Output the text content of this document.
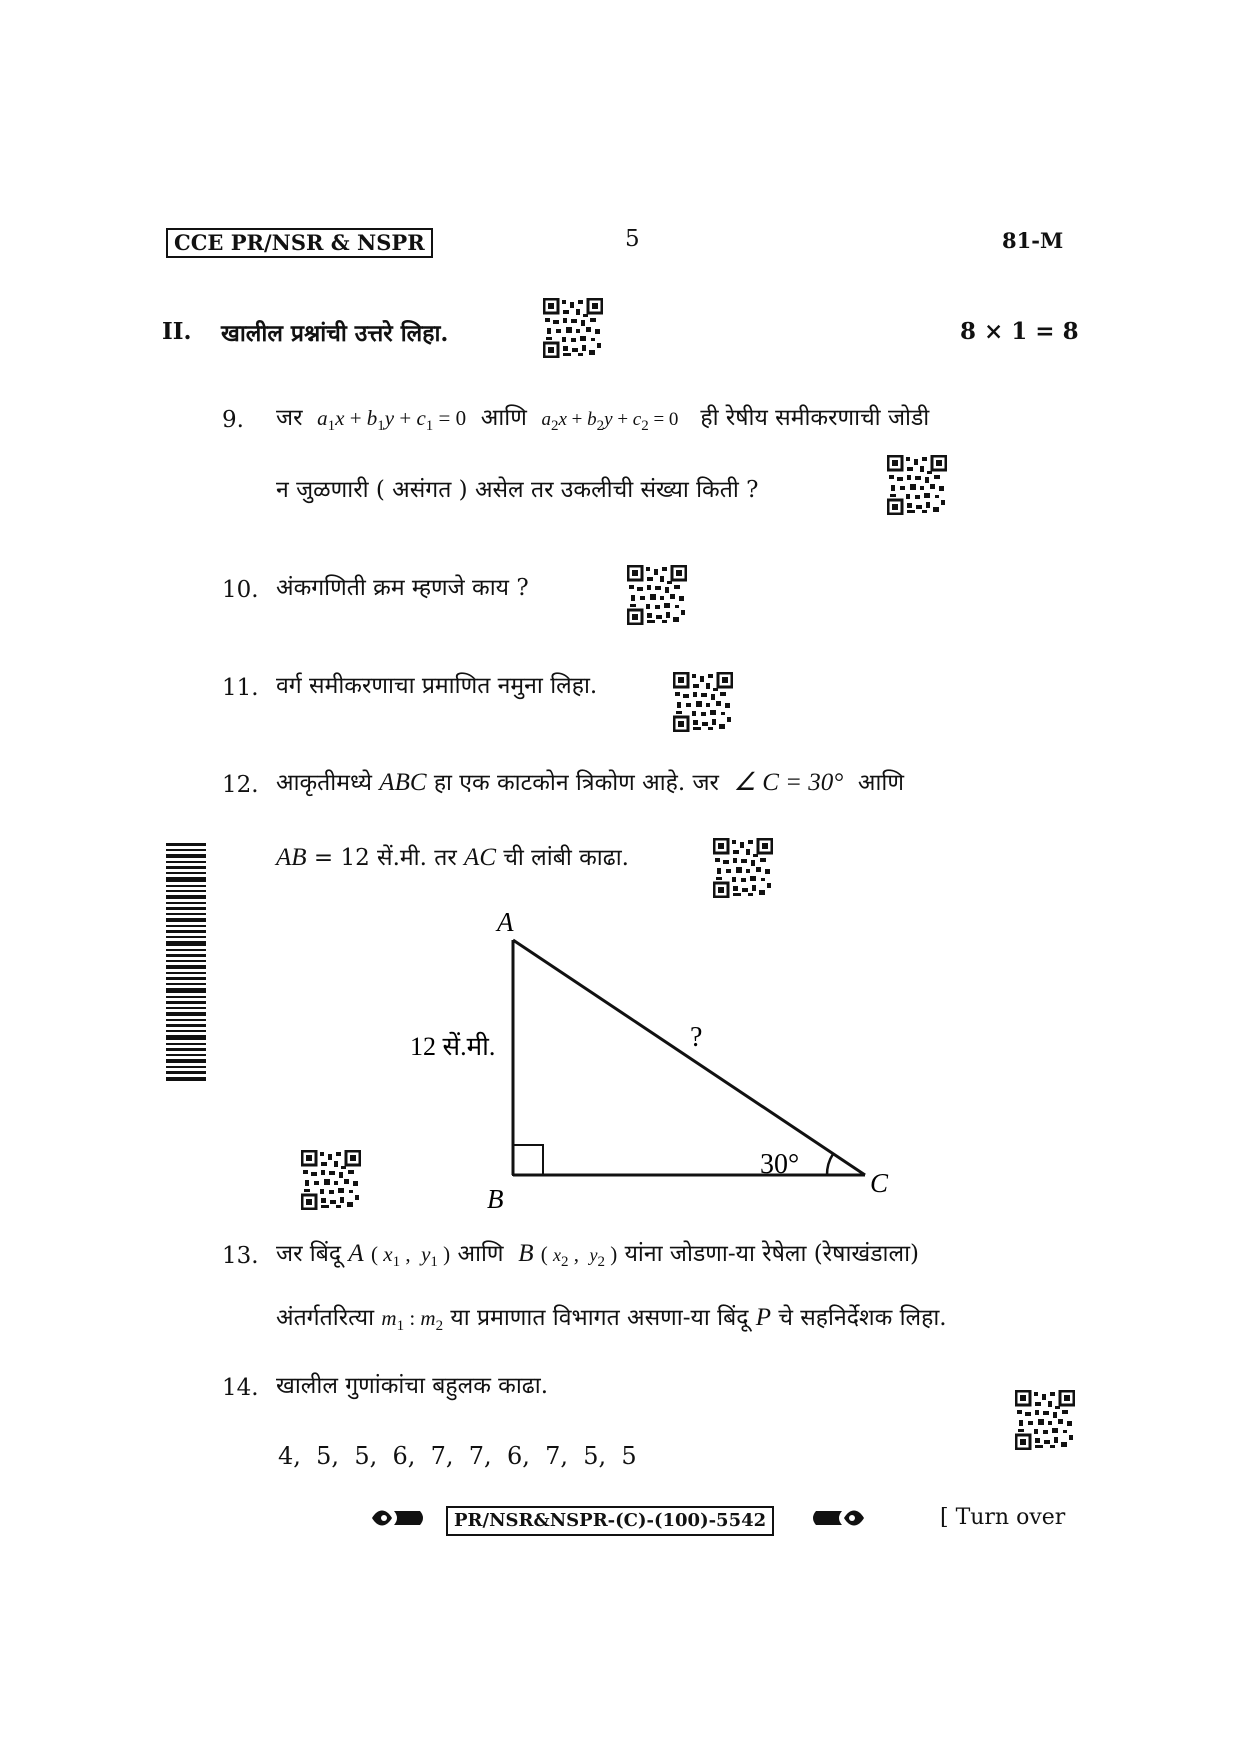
CCE PR/NSR & NSPR	5	81-M
II. खालील प्रश्नांची उत्तरे लिहा.	8 × 1 = 8
9. जर $a_1x + b_1y + c_1 = 0$ आणि $a_2x + b_2y + c_2 = 0$ ही रेषीय समीकरणाची जोडी
न जुळणारी ( असंगत ) असेल तर उकलीची संख्या किती ?
10. अंकगणिती क्रम म्हणजे काय ?
11. वर्ग समीकरणाचा प्रमाणित नमुना लिहा.
12. आकृतीमध्ये ABC हा एक काटकोन त्रिकोण आहे. जर ∠ C = 30° आणि
AB = 12 सें.मी. तर AC ची लांबी काढा.
A
B
C
12 सें.मी.	?
30°
13. जर बिंदू A ( $x_1$ ,  $y_1$ ) आणि B ( $x_2$ ,  $y_2$ ) यांना जोडणा-या रेषेला (रेषाखंडाला)
अंतर्गतरित्या $m_1$ : $m_2$ या प्रमाणात विभागत असणा-या बिंदू P चे सहनिर्देशक लिहा.
14. खालील गुणांकांचा बहुलक काढा.
4,  5,  5,  6,  7,  7,  6,  7,  5,  5
PR/NSR&NSPR-(C)-(100)-5542	[ Turn over
